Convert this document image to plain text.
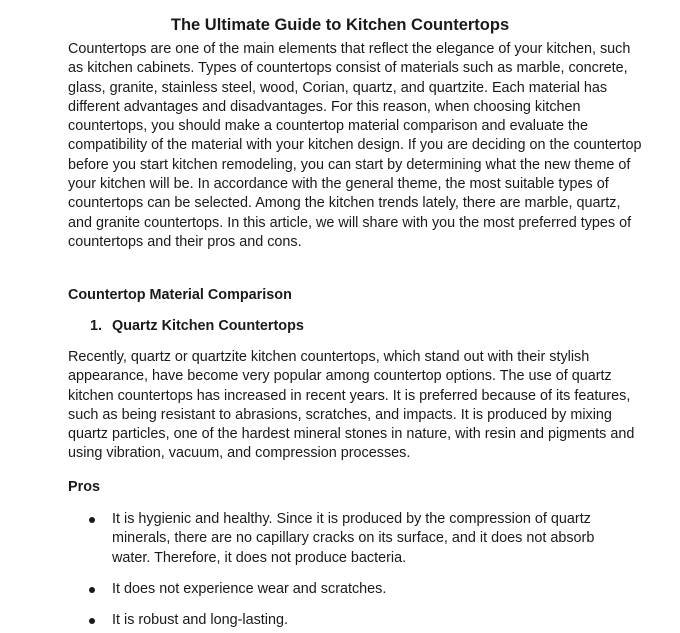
The Ultimate Guide to Kitchen Countertops

Countertops are one of the main elements that reflect the elegance of your kitchen, such as kitchen cabinets. Types of countertops consist of materials such as marble, concrete, glass, granite, stainless steel, wood, Corian, quartz, and quartzite. Each material has different advantages and disadvantages. For this reason, when choosing kitchen countertops, you should make a countertop material comparison and evaluate the compatibility of the material with your kitchen design. If you are deciding on the countertop before you start kitchen remodeling, you can start by determining what the new theme of your kitchen will be. In accordance with the general theme, the most suitable types of countertops can be selected. Among the kitchen trends lately, there are marble, quartz, and granite countertops. In this article, we will share with you the most preferred types of countertops and their pros and cons.

Countertop Material Comparison
1. Quartz Kitchen Countertops

Recently, quartz or quartzite kitchen countertops, which stand out with their stylish appearance, have become very popular among countertop options. The use of quartz kitchen countertops has increased in recent years. It is preferred because of its features, such as being resistant to abrasions, scratches, and impacts. It is produced by mixing quartz particles, one of the hardest mineral stones in nature, with resin and pigments and using vibration, vacuum, and compression processes.

Pros
It is hygienic and healthy. Since it is produced by the compression of quartz minerals, there are no capillary cracks on its surface, and it does not absorb water. Therefore, it does not produce bacteria.
It does not experience wear and scratches.
It is robust and long-lasting.
